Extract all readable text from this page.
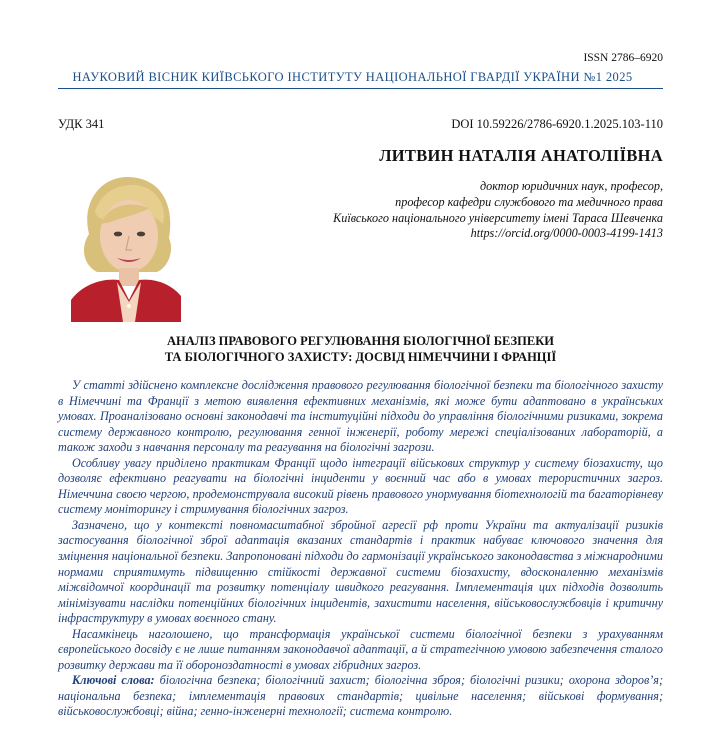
ISSN 2786–6920
НАУКОВИЙ ВІСНИК КИЇВСЬКОГО ІНСТИТУТУ НАЦІОНАЛЬНОЇ ГВАРДІЇ УКРАЇНИ №1 2025
УДК 341	DOI 10.59226/2786-6920.1.2025.103-110
ЛИТВИН НАТАЛІЯ АНАТОЛІЇВНА
доктор юридичних наук, професор,
професор кафедри службового та медичного права
Київського національного університету імені Тараса Шевченка
https://orcid.org/0000-0003-4199-1413
АНАЛІЗ ПРАВОВОГО РЕГУЛЮВАННЯ БІОЛОГІЧНОЇ БЕЗПЕКИ
ТА БІОЛОГІЧНОГО ЗАХИСТУ: ДОСВІД НІМЕЧЧИНИ І ФРАНЦІЇ

У статті здійснено комплексне дослідження правового регулювання біологічної безпеки та біологічного захисту в Німеччині та Франції з метою виявлення ефективних механізмів, які може бути адаптовано в українських умовах. Проаналізовано основні законодавчі та інституційні підходи до управління біологічними ризиками, зокрема систему державного контролю, регулювання генної інженерії, роботу мережі спеціалізованих лабораторій, а також заходи з навчання персоналу та реагування на біологічні загрози.

Особливу увагу приділено практикам Франції щодо інтеграції військових структур у систему біозахисту, що дозволяє ефективно реагувати на біологічні інциденти у воєнний час або в умовах терористичних загроз. Німеччина своєю чергою, продемонструвала високий рівень правового унормування біотехнологій та багаторівневу систему моніторингу і стримування біологічних загроз.

Зазначено, що у контексті повномасштабної збройної агресії рф проти України та актуалізації ризиків застосування біологічної зброї адаптація вказаних стандартів і практик набуває ключового значення для зміцнення національної безпеки. Запропоновані підходи до гармонізації українського законодавства з міжнародними нормами сприятимуть підвищенню стійкості державної системи біозахисту, вдосконаленню механізмів міжвідомчої координації та розвитку потенціалу швидкого реагування. Імплементація цих підходів дозволить мінімізувати наслідки потенційних біологічних інцидентів, захистити населення, військовослужбовців і критичну інфраструктуру в умовах воєнного стану.

Насамкінець наголошено, що трансформація української системи біологічної безпеки з урахуванням європейського досвіду є не лише питанням законодавчої адаптації, а й стратегічною умовою забезпечення сталого розвитку держави та її обороноздатності в умовах гібридних загроз.

Ключові слова: біологічна безпека; біологічний захист; біологічна зброя; біологічні ризики; охорона здоров’я; національна безпека; імплементація правових стандартів; цивільне населення; військові формування; військовослужбовці; війна; генно-інженерні технології; система контролю.
